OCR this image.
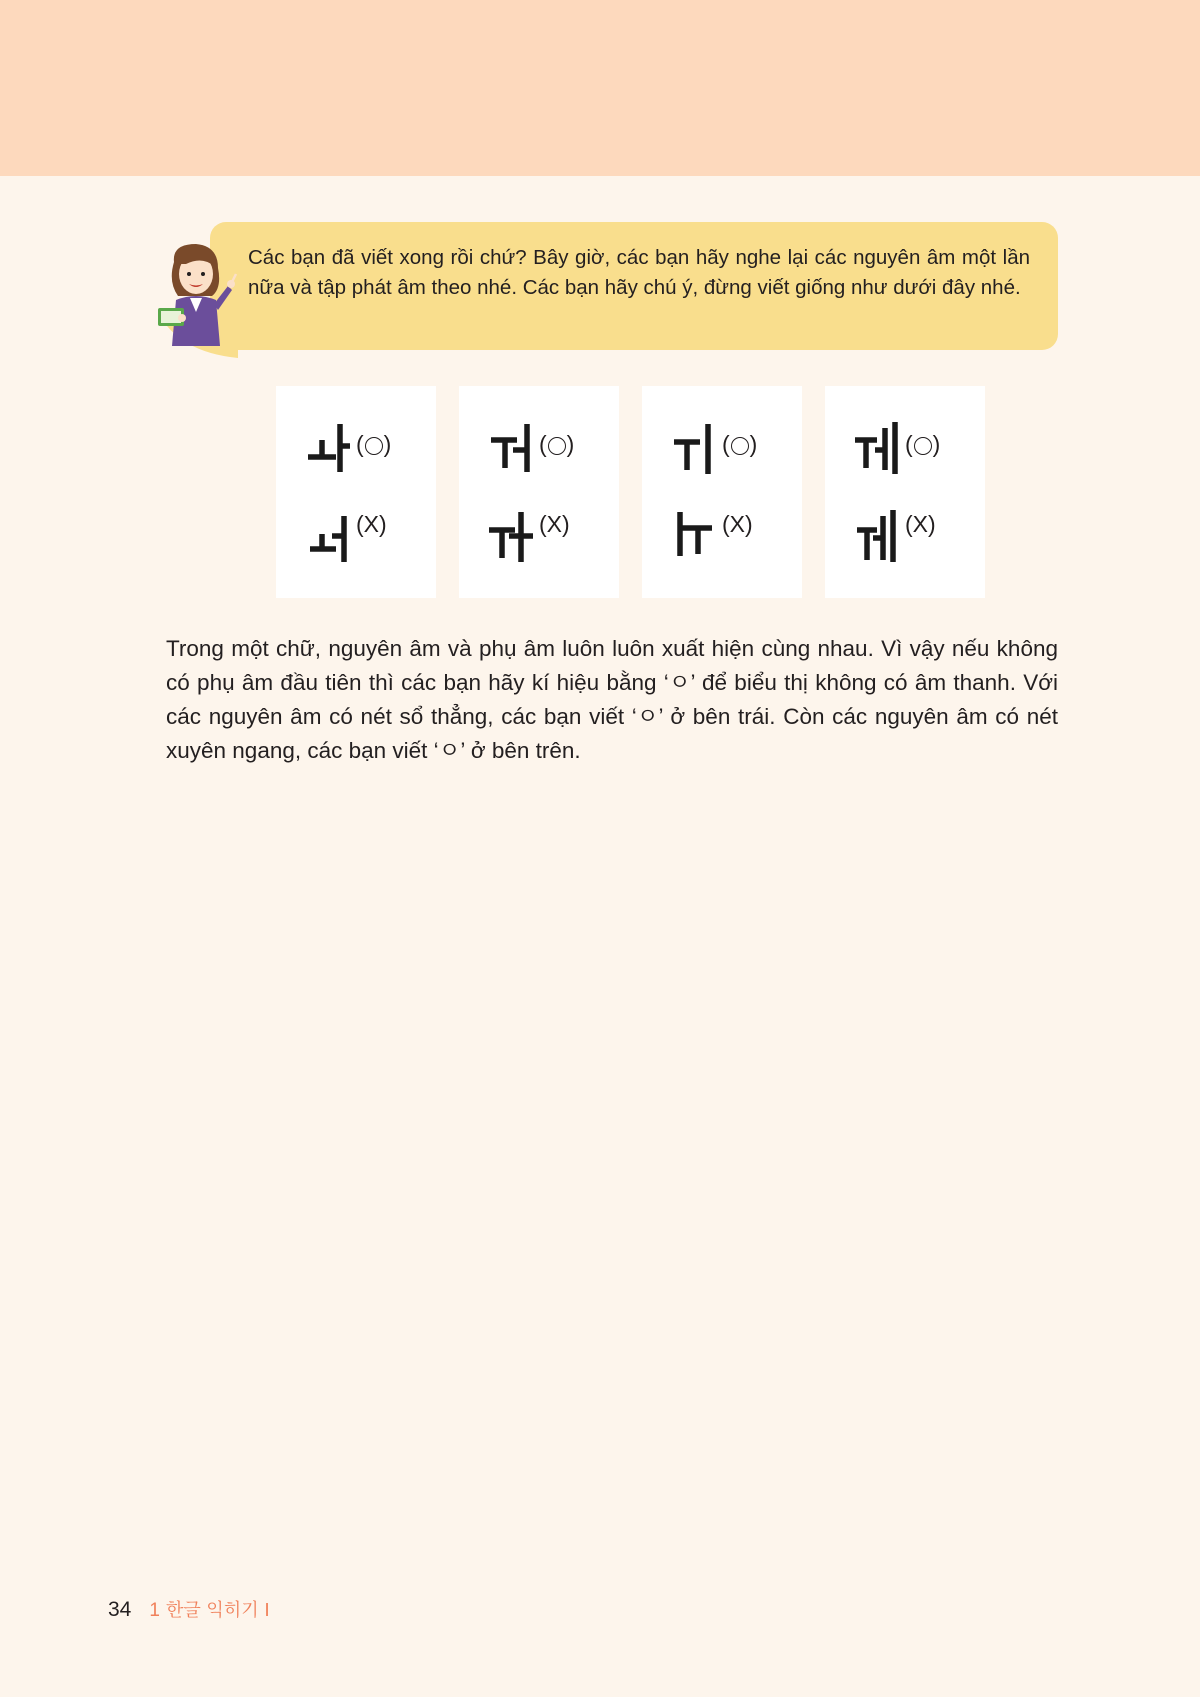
Các bạn đã viết xong rồi chứ? Bây giờ, các bạn hãy nghe lại các nguyên âm một lần nữa và tập phát âm theo nhé. Các bạn hãy chú ý, đừng viết giống như dưới đây nhé.

( )
(X)
( )
(X)
( )
(X)
( )
(X)

Trong một chữ, nguyên âm và phụ âm luôn luôn xuất hiện cùng nhau. Vì vậy nếu không có phụ âm đầu tiên thì các bạn hãy kí hiệu bằng ‘ㅇ’ để biểu thị không có âm thanh. Với các nguyên âm có nét sổ thẳng, các bạn viết ‘ㅇ’ ở bên trái. Còn các nguyên âm có nét xuyên ngang, các bạn viết ‘ㅇ’ ở bên trên.

34 1 한글 익히기 I
